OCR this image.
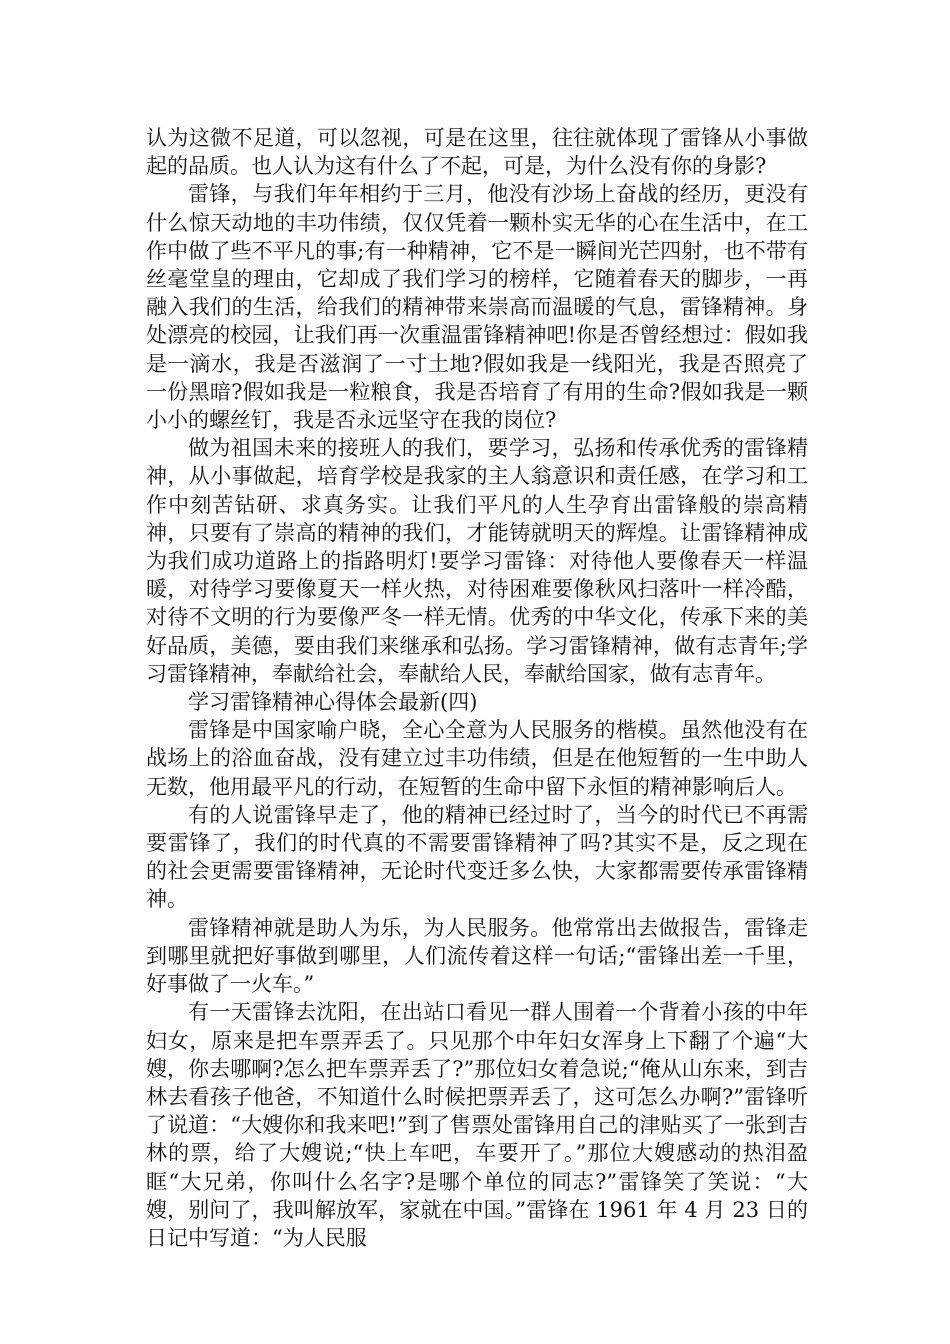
认为这微不足道，可以忽视，可是在这里，往往就体现了雷锋从小事做起的品质。也人认为这有什么了不起，可是，为什么没有你的身影?

雷锋，与我们年年相约于三月，他没有沙场上奋战的经历，更没有什么惊天动地的丰功伟绩，仅仅凭着一颗朴实无华的心在生活中，在工作中做了些不平凡的事;有一种精神，它不是一瞬间光芒四射，也不带有丝毫堂皇的理由，它却成了我们学习的榜样，它随着春天的脚步，一再融入我们的生活，给我们的精神带来崇高而温暖的气息，雷锋精神。身处漂亮的校园，让我们再一次重温雷锋精神吧!你是否曾经想过：假如我是一滴水，我是否滋润了一寸土地?假如我是一线阳光，我是否照亮了一份黑暗?假如我是一粒粮食，我是否培育了有用的生命?假如我是一颗小小的螺丝钉，我是否永远坚守在我的岗位?

做为祖国未来的接班人的我们，要学习，弘扬和传承优秀的雷锋精神，从小事做起，培育学校是我家的主人翁意识和责任感，在学习和工作中刻苦钻研、求真务实。让我们平凡的人生孕育出雷锋般的崇高精神，只要有了崇高的精神的我们，才能铸就明天的辉煌。让雷锋精神成为我们成功道路上的指路明灯!要学习雷锋：对待他人要像春天一样温暖，对待学习要像夏天一样火热，对待困难要像秋风扫落叶一样冷酷，对待不文明的行为要像严冬一样无情。优秀的中华文化，传承下来的美好品质，美德，要由我们来继承和弘扬。学习雷锋精神，做有志青年;学习雷锋精神，奉献给社会，奉献给人民，奉献给国家，做有志青年。

学习雷锋精神心得体会最新(四)

雷锋是中国家喻户晓，全心全意为人民服务的楷模。虽然他没有在战场上的浴血奋战，没有建立过丰功伟绩，但是在他短暂的一生中助人无数，他用最平凡的行动，在短暂的生命中留下永恒的精神影响后人。

有的人说雷锋早走了，他的精神已经过时了，当今的时代已不再需要雷锋了，我们的时代真的不需要雷锋精神了吗?其实不是，反之现在的社会更需要雷锋精神，无论时代变迁多么快，大家都需要传承雷锋精神。

雷锋精神就是助人为乐，为人民服务。他常常出去做报告，雷锋走到哪里就把好事做到哪里，人们流传着这样一句话;“雷锋出差一千里，好事做了一火车。”

有一天雷锋去沈阳，在出站口看见一群人围着一个背着小孩的中年妇女，原来是把车票弄丢了。只见那个中年妇女浑身上下翻了个遍“大嫂，你去哪啊?怎么把车票弄丢了?”那位妇女着急说;“俺从山东来，到吉林去看孩子他爸，不知道什么时候把票弄丢了，这可怎么办啊?”雷锋听了说道：“大嫂你和我来吧!”到了售票处雷锋用自己的津贴买了一张到吉林的票，给了大嫂说;“快上车吧，车要开了。”那位大嫂感动的热泪盈眶“大兄弟，你叫什么名字?是哪个单位的同志?”雷锋笑了笑说：“大嫂，别问了，我叫解放军，家就在中国。”雷锋在 1961 年 4 月 23 日的日记中写道：“为人民服
